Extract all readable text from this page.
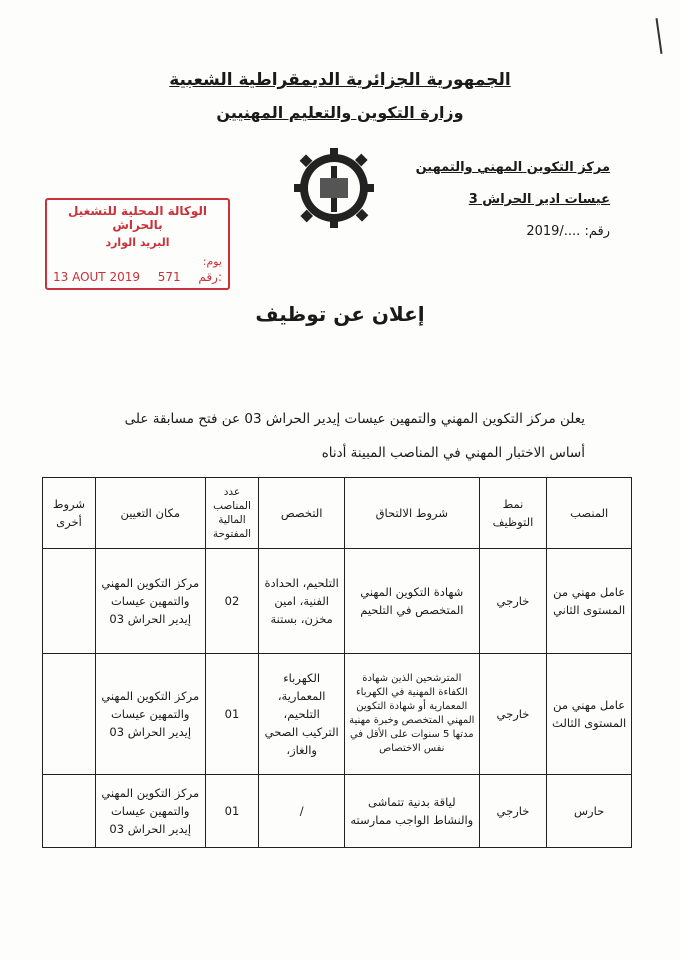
الجمهورية الجزائرية الديمقراطية الشعبية
وزارة التكوين والتعليم المهنيين
مركز التكوين المهني والتمهين
عيسات ادير الحراش 3
رقم: ..../2019
الوكالة المحلية للتشغيل بالحراش
البريد الوارد
يوم:
13 AOUT 2019 571 رقم:
إعلان عن توظيف
يعلن مركز التكوين المهني والتمهين عيسات إيدير الحراش 03 عن فتح مسابقة على
أساس الاختبار المهني في المناصب المبينة أدناه
المنصب	نمط التوظيف	شروط الالتحاق	التخصص	عدد المناصب المالية المفتوحة	مكان التعيين	شروط أخرى
عامل مهني من المستوى الثاني	خارجي	شهادة التكوين المهني المتخصص في التلحيم	التلحيم، الحدادة الفنية، امين مخزن، بستنة	02	مركز التكوين المهني والتمهين عيسات إيدير الحراش 03	
عامل مهني من المستوى الثالث	خارجي	المترشحين الذين شهادة الكفاءة المهنية في الكهرباء المعمارية أو شهادة التكوين المهني المتخصص وخبرة مهنية مدتها 5 سنوات على الأقل في نفس الاختصاص	الكهرباء المعمارية، التلحيم، التركيب الصحي والغاز،	01	مركز التكوين المهني والتمهين عيسات إيدير الحراش 03	
حارس	خارجي	لياقة بدنية تتماشى والنشاط الواجب ممارسته	/	01	مركز التكوين المهني والتمهين عيسات إيدير الحراش 03	
